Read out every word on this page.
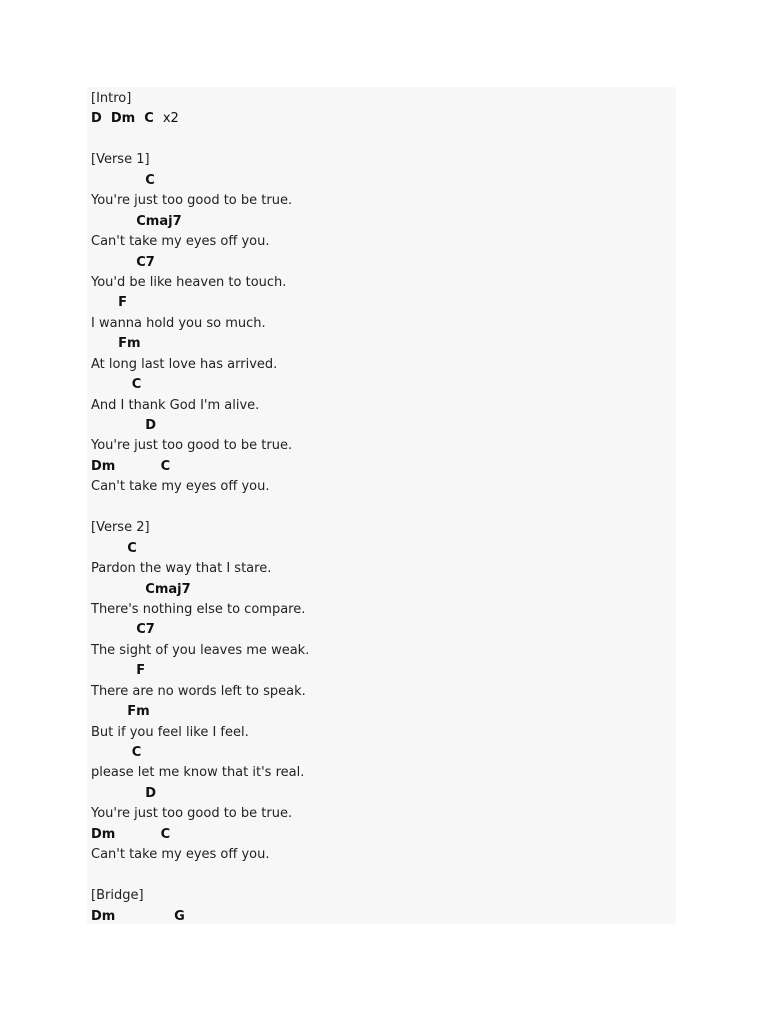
[Intro]
D  Dm  C  x2
[Verse 1]
C
You're just too good to be true.
Cmaj7
Can't take my eyes off you.
C7
You'd be like heaven to touch.
F
I wanna hold you so much.
Fm
At long last love has arrived.
C
And I thank God I'm alive.
D
You're just too good to be true.
Dm          C
Can't take my eyes off you.
[Verse 2]
C
Pardon the way that I stare.
Cmaj7
There's nothing else to compare.
C7
The sight of you leaves me weak.
F
There are no words left to speak.
Fm
But if you feel like I feel.
C
please let me know that it's real.
D
You're just too good to be true.
Dm          C
Can't take my eyes off you.
[Bridge]
Dm             G
